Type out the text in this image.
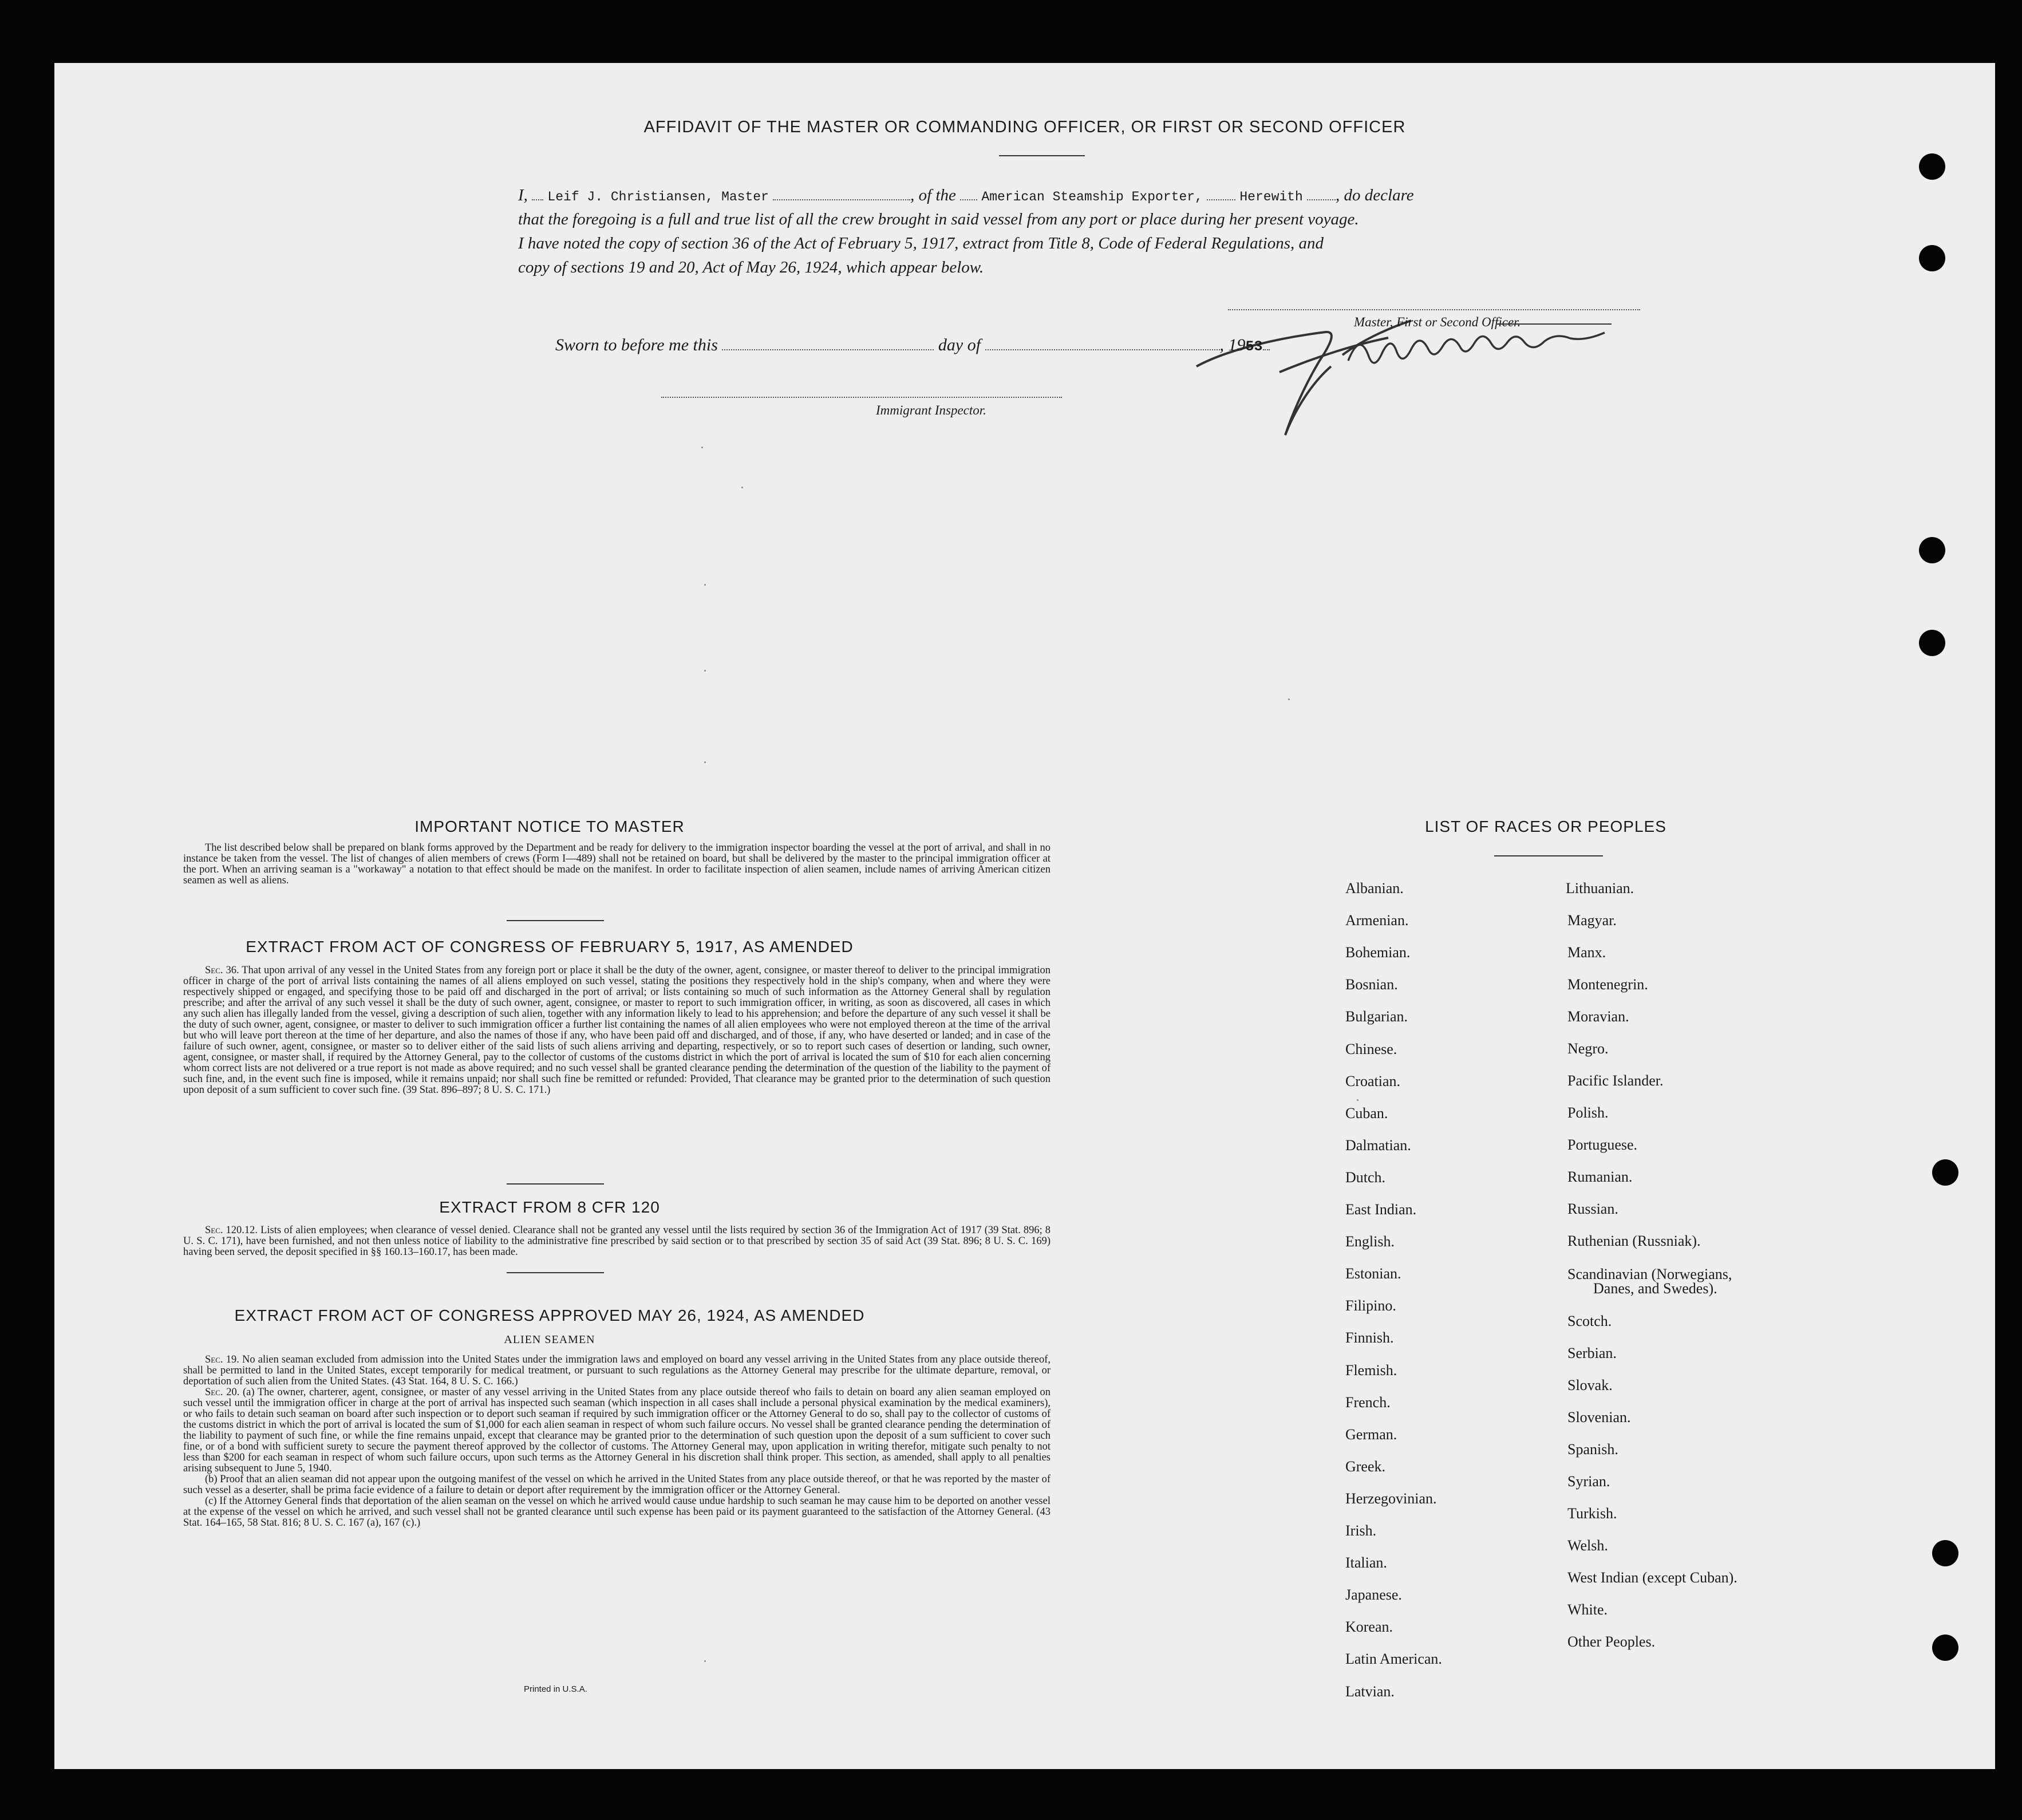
AFFIDAVIT OF THE MASTER OR COMMANDING OFFICER, OR FIRST OR SECOND OFFICER
I, Leif J. Christiansen, Master	, of the American Steamship Exporter,	Herewith , do declare
that the foregoing is a full and true list of all the crew brought in said vessel from any port or place during her present voyage.
I have noted the copy of section 36 of the Act of February 5, 1917, extract from Title 8, Code of Federal Regulations, and
copy of sections 19 and 20, Act of May 26, 1924, which appear below.
Master, First or Second Officer.
Sworn to before me this	day of	, 1953
Immigrant Inspector.
IMPORTANT NOTICE TO MASTER

The list described below shall be prepared on blank forms approved by the Department and be ready for delivery to the immigration inspector boarding the vessel at the port of arrival, and shall in no instance be taken from the vessel. The list of changes of alien members of crews (Form I—489) shall not be retained on board, but shall be delivered by the master to the principal immigration officer at the port. When an arriving seaman is a "workaway" a notation to that effect should be made on the manifest. In order to facilitate inspection of alien seamen, include names of arriving American citizen seamen as well as aliens.

EXTRACT FROM ACT OF CONGRESS OF FEBRUARY 5, 1917, AS AMENDED

Sec. 36. That upon arrival of any vessel in the United States from any foreign port or place it shall be the duty of the owner, agent, consignee, or master thereof to deliver to the principal immigration officer in charge of the port of arrival lists containing the names of all aliens employed on such vessel, stating the positions they respectively hold in the ship's company, when and where they were respectively shipped or engaged, and specifying those to be paid off and discharged in the port of arrival; or lists containing so much of such information as the Attorney General shall by regulation prescribe; and after the arrival of any such vessel it shall be the duty of such owner, agent, consignee, or master to report to such immigration officer, in writing, as soon as discovered, all cases in which any such alien has illegally landed from the vessel, giving a description of such alien, together with any information likely to lead to his apprehension; and before the departure of any such vessel it shall be the duty of such owner, agent, consignee, or master to deliver to such immigration officer a further list containing the names of all alien employees who were not employed thereon at the time of the arrival but who will leave port thereon at the time of her departure, and also the names of those if any, who have been paid off and discharged, and of those, if any, who have deserted or landed; and in case of the failure of such owner, agent, consignee, or master so to deliver either of the said lists of such aliens arriving and departing, respectively, or so to report such cases of desertion or landing, such owner, agent, consignee, or master shall, if required by the Attorney General, pay to the collector of customs of the customs district in which the port of arrival is located the sum of $10 for each alien concerning whom correct lists are not delivered or a true report is not made as above required; and no such vessel shall be granted clearance pending the determination of the question of the liability to the payment of such fine, and, in the event such fine is imposed, while it remains unpaid; nor shall such fine be remitted or refunded: Provided, That clearance may be granted prior to the determination of such question upon deposit of a sum sufficient to cover such fine. (39 Stat. 896–897; 8 U. S. C. 171.)

EXTRACT FROM 8 CFR 120

Sec. 120.12. Lists of alien employees; when clearance of vessel denied. Clearance shall not be granted any vessel until the lists required by section 36 of the Immigration Act of 1917 (39 Stat. 896; 8 U. S. C. 171), have been furnished, and not then unless notice of liability to the administrative fine prescribed by said section or to that prescribed by section 35 of said Act (39 Stat. 896; 8 U. S. C. 169) having been served, the deposit specified in §§ 160.13–160.17, has been made.

EXTRACT FROM ACT OF CONGRESS APPROVED MAY 26, 1924, AS AMENDED
ALIEN SEAMEN

Sec. 19. No alien seaman excluded from admission into the United States under the immigration laws and employed on board any vessel arriving in the United States from any place outside thereof, shall be permitted to land in the United States, except temporarily for medical treatment, or pursuant to such regulations as the Attorney General may prescribe for the ultimate departure, removal, or deportation of such alien from the United States. (43 Stat. 164, 8 U. S. C. 166.)

Sec. 20. (a) The owner, charterer, agent, consignee, or master of any vessel arriving in the United States from any place outside thereof who fails to detain on board any alien seaman employed on such vessel until the immigration officer in charge at the port of arrival has inspected such seaman (which inspection in all cases shall include a personal physical examination by the medical examiners), or who fails to detain such seaman on board after such inspection or to deport such seaman if required by such immigration officer or the Attorney General to do so, shall pay to the collector of customs of the customs district in which the port of arrival is located the sum of $1,000 for each alien seaman in respect of whom such failure occurs. No vessel shall be granted clearance pending the determination of the liability to payment of such fine, or while the fine remains unpaid, except that clearance may be granted prior to the determination of such question upon the deposit of a sum sufficient to cover such fine, or of a bond with sufficient surety to secure the payment thereof approved by the collector of customs. The Attorney General may, upon application in writing therefor, mitigate such penalty to not less than $200 for each seaman in respect of whom such failure occurs, upon such terms as the Attorney General in his discretion shall think proper. This section, as amended, shall apply to all penalties arising subsequent to June 5, 1940.

(b) Proof that an alien seaman did not appear upon the outgoing manifest of the vessel on which he arrived in the United States from any place outside thereof, or that he was reported by the master of such vessel as a deserter, shall be prima facie evidence of a failure to detain or deport after requirement by the immigration officer or the Attorney General.

(c) If the Attorney General finds that deportation of the alien seaman on the vessel on which he arrived would cause undue hardship to such seaman he may cause him to be deported on another vessel at the expense of the vessel on which he arrived, and such vessel shall not be granted clearance until such expense has been paid or its payment guaranteed to the satisfaction of the Attorney General. (43 Stat. 164–165, 58 Stat. 816; 8 U. S. C. 167 (a), 167 (c).)

Printed in U.S.A.
LIST OF RACES OR PEOPLES
Albanian.
Armenian.
Bohemian.
Bosnian.
Bulgarian.
Chinese.
Croatian.
Cuban.
Dalmatian.
Dutch.
East Indian.
English.
Estonian.
Filipino.
Finnish.
Flemish.
French.
German.
Greek.
Herzegovinian.
Irish.
Italian.
Japanese.
Korean.
Latin American.
Latvian.
Lithuanian.
Magyar.
Manx.
Montenegrin.
Moravian.
Negro.
Pacific Islander.
Polish.
Portuguese.
Rumanian.
Russian.
Ruthenian (Russniak).
Scandinavian (Norwegians,
Danes, and Swedes).
Scotch.
Serbian.
Slovak.
Slovenian.
Spanish.
Syrian.
Turkish.
Welsh.
West Indian (except Cuban).
White.
Other Peoples.
